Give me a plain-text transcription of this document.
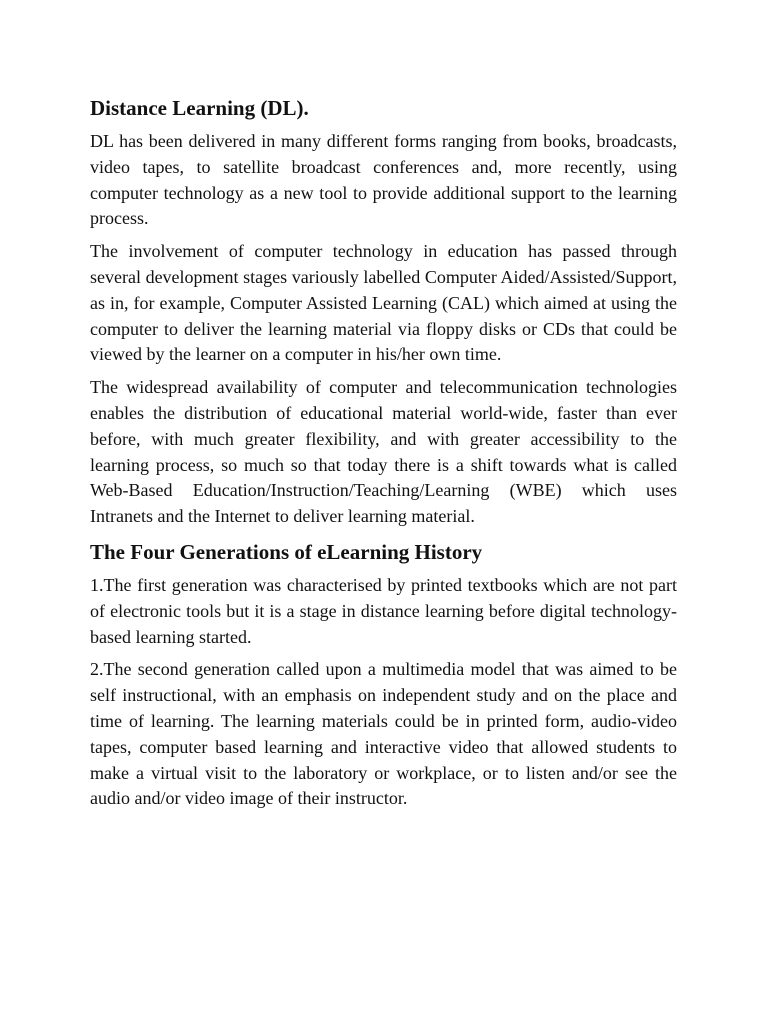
Distance Learning (DL).

DL has been delivered in many different forms ranging from books, broadcasts, video tapes, to satellite broadcast conferences and, more recently, using computer technology as a new tool to provide additional support to the learning process.

The involvement of computer technology in education has passed through several development stages variously labelled Computer Aided/Assisted/Support, as in, for example, Computer Assisted Learning (CAL) which aimed at using the computer to deliver the learning material via floppy disks or CDs that could be viewed by the learner on a computer in his/her own time.

The widespread availability of computer and telecommunication technologies enables the distribution of educational material world-wide, faster than ever before, with much greater flexibility, and with greater accessibility to the learning process, so much so that today there is a shift towards what is called Web-Based Education/Instruction/Teaching/Learning (WBE) which uses Intranets and the Internet to deliver learning material.

The Four Generations of eLearning History

1.The first generation was characterised by printed textbooks which are not part of electronic tools but it is a stage in distance learning before digital technology-based learning started.

2.The second generation called upon a multimedia model that was aimed to be self instructional, with an emphasis on independent study and on the place and time of learning. The learning materials could be in printed form, audio-video tapes, computer based learning and interactive video that allowed students to make a virtual visit to the laboratory or workplace, or to listen and/or see the audio and/or video image of their instructor.
